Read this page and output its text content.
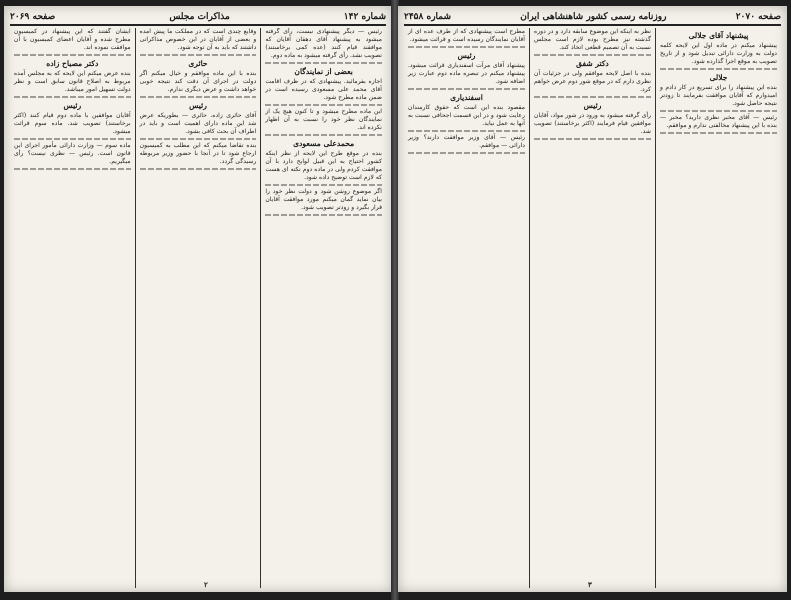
شماره ۱۴۲
مذاکرات مجلس
صفحه ۲۰۶۹

رئیس — دیگر پیشنهادی نیست، رأی گرفته میشود به پیشنهاد آقای دهقان آقایان که موافقند قیام کنند (عده کمی برخاستند) تصویب نشد. رأی گرفته میشود به ماده دوم.

بعضی از نمایندگان

اجازه بفرمائید. پیشنهادی که در ظرف اقامت آقای محمد علی مسعودی رسیده است در ضمن ماده مطرح شود.

این ماده مطرح میشود و تا کنون هیچ یک از نمایندگان نظر خود را نسبت به آن اظهار نکرده اند.

محمدعلی مسعودی

بنده در موقع طرح این لایحه از نظر اینکه کشور احتیاج به این قبیل لوایح دارد با آن موافقت کردم ولی در ماده دوم نکته ای هست که لازم است توضیح داده شود.

اگر موضوع روشن شود و دولت نظر خود را بیان نماید گمان میکنم مورد موافقت آقایان قرار بگیرد و زودتر تصویب شود.

وقایع چندی است که در مملکت ما پیش آمده و بعضی از آقایان در این خصوص مذاکراتی داشتند که باید به آن توجه شود.

حائری

بنده با این ماده موافقم و خیال میکنم اگر دولت در اجرای آن دقت کند نتیجه خوبی خواهد داشت و عرض دیگری ندارم.

رئیس

آقای حائری زاده. حائری — بطوریکه عرض شد این ماده دارای اهمیت است و باید در اطراف آن بحث کافی بشود.

بنده تقاضا میکنم که این مطلب به کمیسیون ارجاع شود تا در آنجا با حضور وزیر مربوطه رسیدگی گردد.

ایشان گفتند که این پیشنهاد در کمیسیون مطرح شده و آقایان اعضای کمیسیون با آن موافقت نموده اند.

دکتر مصباح زاده

بنده عرض میکنم این لایحه که به مجلس آمده مربوط به اصلاح قانون سابق است و نظر دولت تسهیل امور میباشد.

رئیس

آقایان موافقین با ماده دوم قیام کنند (اکثر برخاستند) تصویب شد. ماده سوم قرائت میشود.

ماده سوم — وزارت دارائی مأمور اجرای این قانون است. رئیس — نظری نیست؟ رأی میگیریم.

۲
صفحه ۲۰۷۰
روزنامه رسمی کشور شاهنشاهی ایران
شماره ۲۴۵۸
پیشنهاد آقای جلالی

پیشنهاد میکنم در ماده اول این لایحه کلمه دولت به وزارت دارائی تبدیل شود و از تاریخ تصویب به موقع اجرا گذارده شود.

جلالی

بنده این پیشنهاد را برای تسریع در کار دادم و امیدوارم که آقایان موافقت بفرمایند تا زودتر نتیجه حاصل شود.

رئیس — آقای مخبر نظری دارید؟ مخبر — بنده با این پیشنهاد مخالفتی ندارم و موافقم.

نظر به اینکه این موضوع سابقه دارد و در دوره گذشته نیز مطرح بوده لازم است مجلس نسبت به آن تصمیم قطعی اتخاذ کند.

دکتر شفق

بنده با اصل لایحه موافقم ولی در جزئیات آن نظری دارم که در موقع شور دوم عرض خواهم کرد.

رئیس

رأی گرفته میشود به ورود در شور مواد، آقایان موافقین قیام فرمایند (اکثر برخاستند) تصویب شد.

مطرح است پیشنهادی که از طرف عده ای از آقایان نمایندگان رسیده است و قرائت میشود.

رئیس

پیشنهاد آقای مرآت اسفندیاری قرائت میشود. پیشنهاد میکنم در تبصره ماده دوم عبارت زیر اضافه شود.

اسفندیاری

مقصود بنده این است که حقوق کارمندان رعایت شود و در این قسمت اجحافی نسبت به آنها به عمل نیاید.

رئیس — آقای وزیر موافقت دارند؟ وزیر دارائی — موافقم.

۳
